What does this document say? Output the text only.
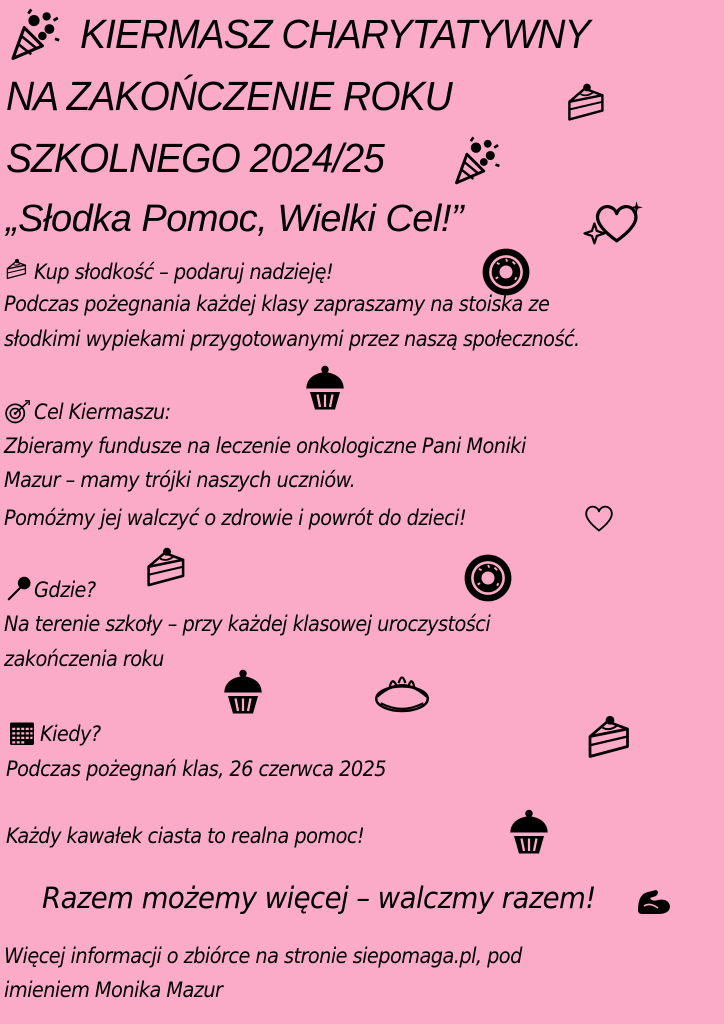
KIERMASZ CHARYTATYWNY
NA ZAKOŃCZENIE ROKU
SZKOLNEGO 2024/25
„Słodka Pomoc, Wielki Cel!”
Kup słodkość – podaruj nadzieję!
Podczas pożegnania każdej klasy zapraszamy na stoiska ze
słodkimi wypiekami przygotowanymi przez naszą społeczność.
Cel Kiermaszu:
Zbieramy fundusze na leczenie onkologiczne Pani Moniki
Mazur – mamy trójki naszych uczniów.
Pomóżmy jej walczyć o zdrowie i powrót do dzieci!
Gdzie?
Na terenie szkoły – przy każdej klasowej uroczystości
zakończenia roku
Kiedy?
Podczas pożegnań klas, 26 czerwca 2025
Każdy kawałek ciasta to realna pomoc!
Razem możemy więcej – walczmy razem!
Więcej informacji o zbiórce na stronie siepomaga.pl, pod
imieniem Monika Mazur
